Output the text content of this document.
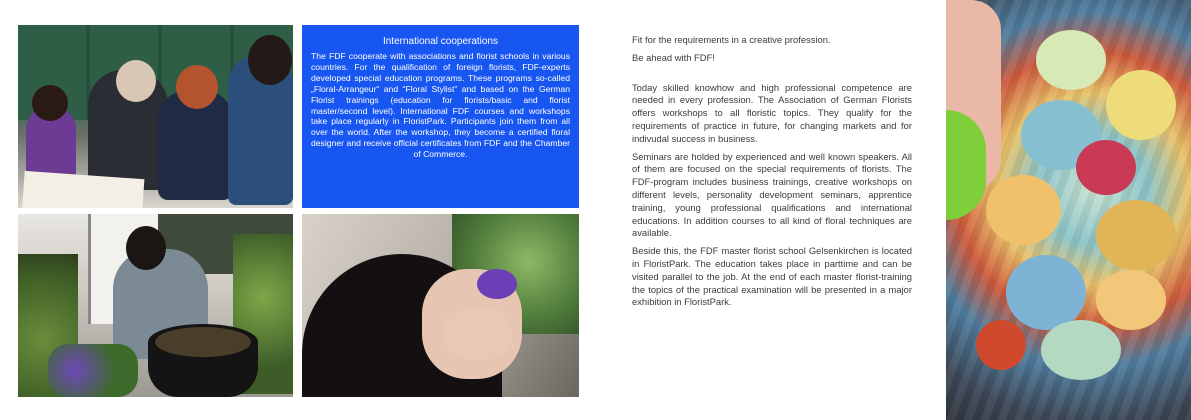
International cooperations

The FDF cooperate with associations and florist schools in various countries. For the qualification of foreign florists, FDF-experts developed special education programs. These programs so-called „Floral-Arrangeur“ and “Floral Stylist” and based on the German Florist trainings (education for florists/basic and florist master/second level). International FDF courses and workshops take place regularly in FloristPark. Participants join them from all over the world. After the workshop, they become a certified floral designer and receive official certificates from FDF and the Chamber of Commerce.

Fit for the requirements in a creative profession.

Be ahead with FDF!

Today skilled knowhow and high professional competence are needed in every profession. The Association of German Florists offers workshops to all floristic topics. They qualify for the requirements of practice in future, for changing markets and for indivudal success in business.

Seminars are holded by experienced and well known speakers. All of them are focused on the special requirements of florists. The FDF-program includes business trainings, creative workshops on different levels, personality development seminars, apprentice training, young professional qualifications and international educations. In addition courses to all kind of floral techniques are available.

Beside this, the FDF master florist school Gelsenkirchen is located in FloristPark. The education takes place in parttime and can be visited parallel to the job. At the end of each master florist-training the topics of the practical examination will be presented in a major exhibition in FloristPark.
